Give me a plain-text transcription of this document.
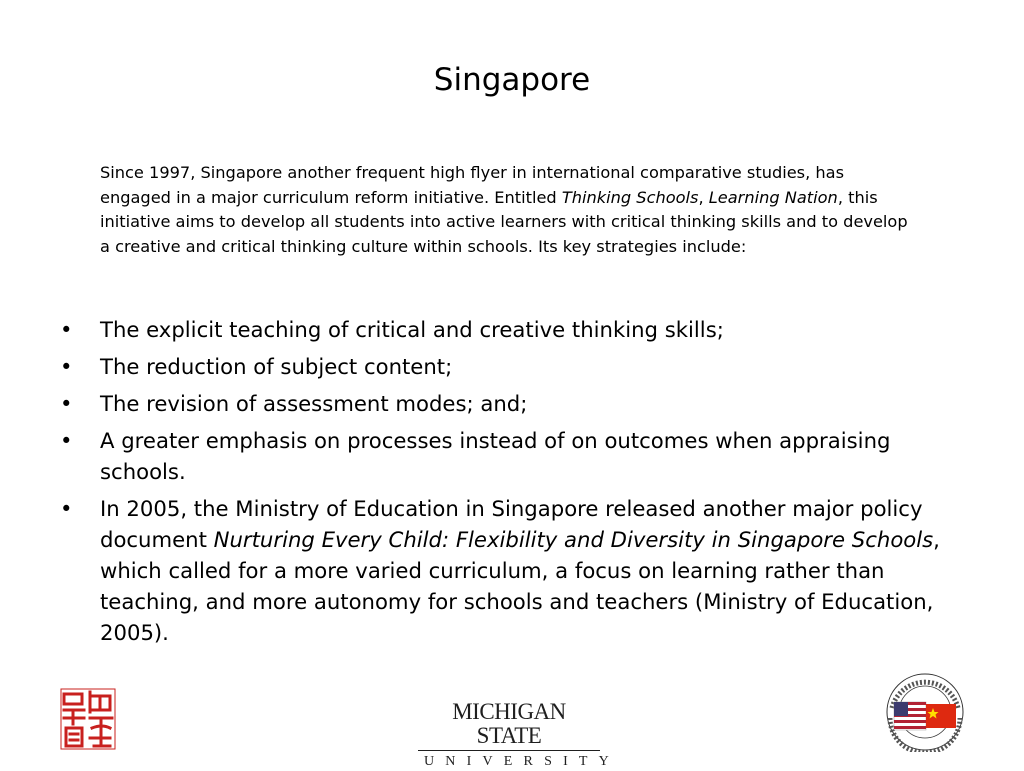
Singapore

Since 1997, Singapore another frequent high flyer in international comparative studies, has engaged in a major curriculum reform initiative. Entitled Thinking Schools, Learning Nation, this initiative aims to develop all students into active learners with critical thinking skills and to develop a creative and critical thinking culture within schools. Its key strategies include:

• The explicit teaching of critical and creative thinking skills;
• The reduction of subject content;
• The revision of assessment modes; and;
• A greater emphasis on processes instead of on outcomes when appraising schools.
• In 2005, the Ministry of Education in Singapore released another major policy document Nurturing Every Child: Flexibility and Diversity in Singapore Schools, which called for a more varied curriculum, a focus on learning rather than teaching, and more autonomy for schools and teachers (Ministry of Education, 2005).
MICHIGAN STATE
UNIVERSITY
